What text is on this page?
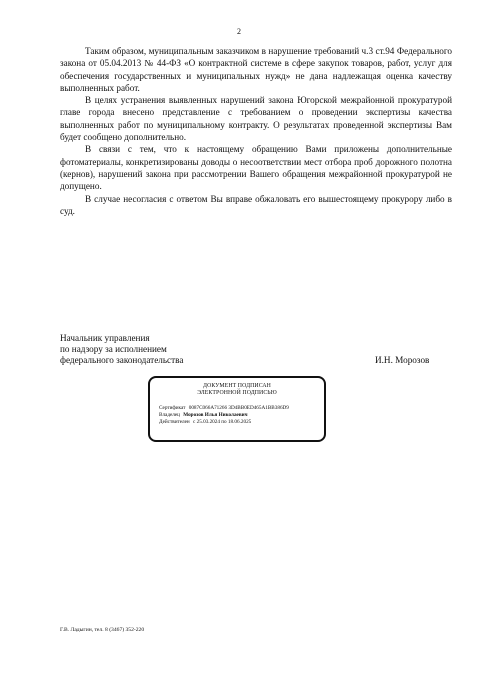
2

Таким образом, муниципальным заказчиком в нарушение требований ч.3 ст.94 Федерального закона от 05.04.2013 № 44-ФЗ «О контрактной системе в сфере закупок товаров, работ, услуг для обеспечения государственных и муниципальных нужд» не дана надлежащая оценка качеству выполненных работ.

В целях устранения выявленных нарушений закона Югорской межрайонной прокуратурой главе города внесено представление с требованием о проведении экспертизы качества выполненных работ по муниципальному контракту. О результатах проведенной экспертизы Вам будет сообщено дополнительно.

В связи с тем, что к настоящему обращению Вами приложены дополнительные фотоматериалы, конкретизированы доводы о несоответствии мест отбора проб дорожного полотна (кернов), нарушений закона при рассмотрении Вашего обращения межрайонной прокуратурой не допущено.

В случае несогласия с ответом Вы вправе обжаловать его вышестоящему прокурору либо в суд.

Начальник управления
по надзору за исполнением
федерального законодательства	И.Н. Морозов
ДОКУМЕНТ ПОДПИСАН
ЭЛЕКТРОННОЙ ПОДПИСЬЮ
Сертификат 0087C066A71266 3D4BB0ED465A1BB386D9
Владелец Морозов Илья Николаевич
Действителен с 25.03.2024 по 18.06.2025
Г.В. Ладыгин, тел. 8 (3467) 352-220
